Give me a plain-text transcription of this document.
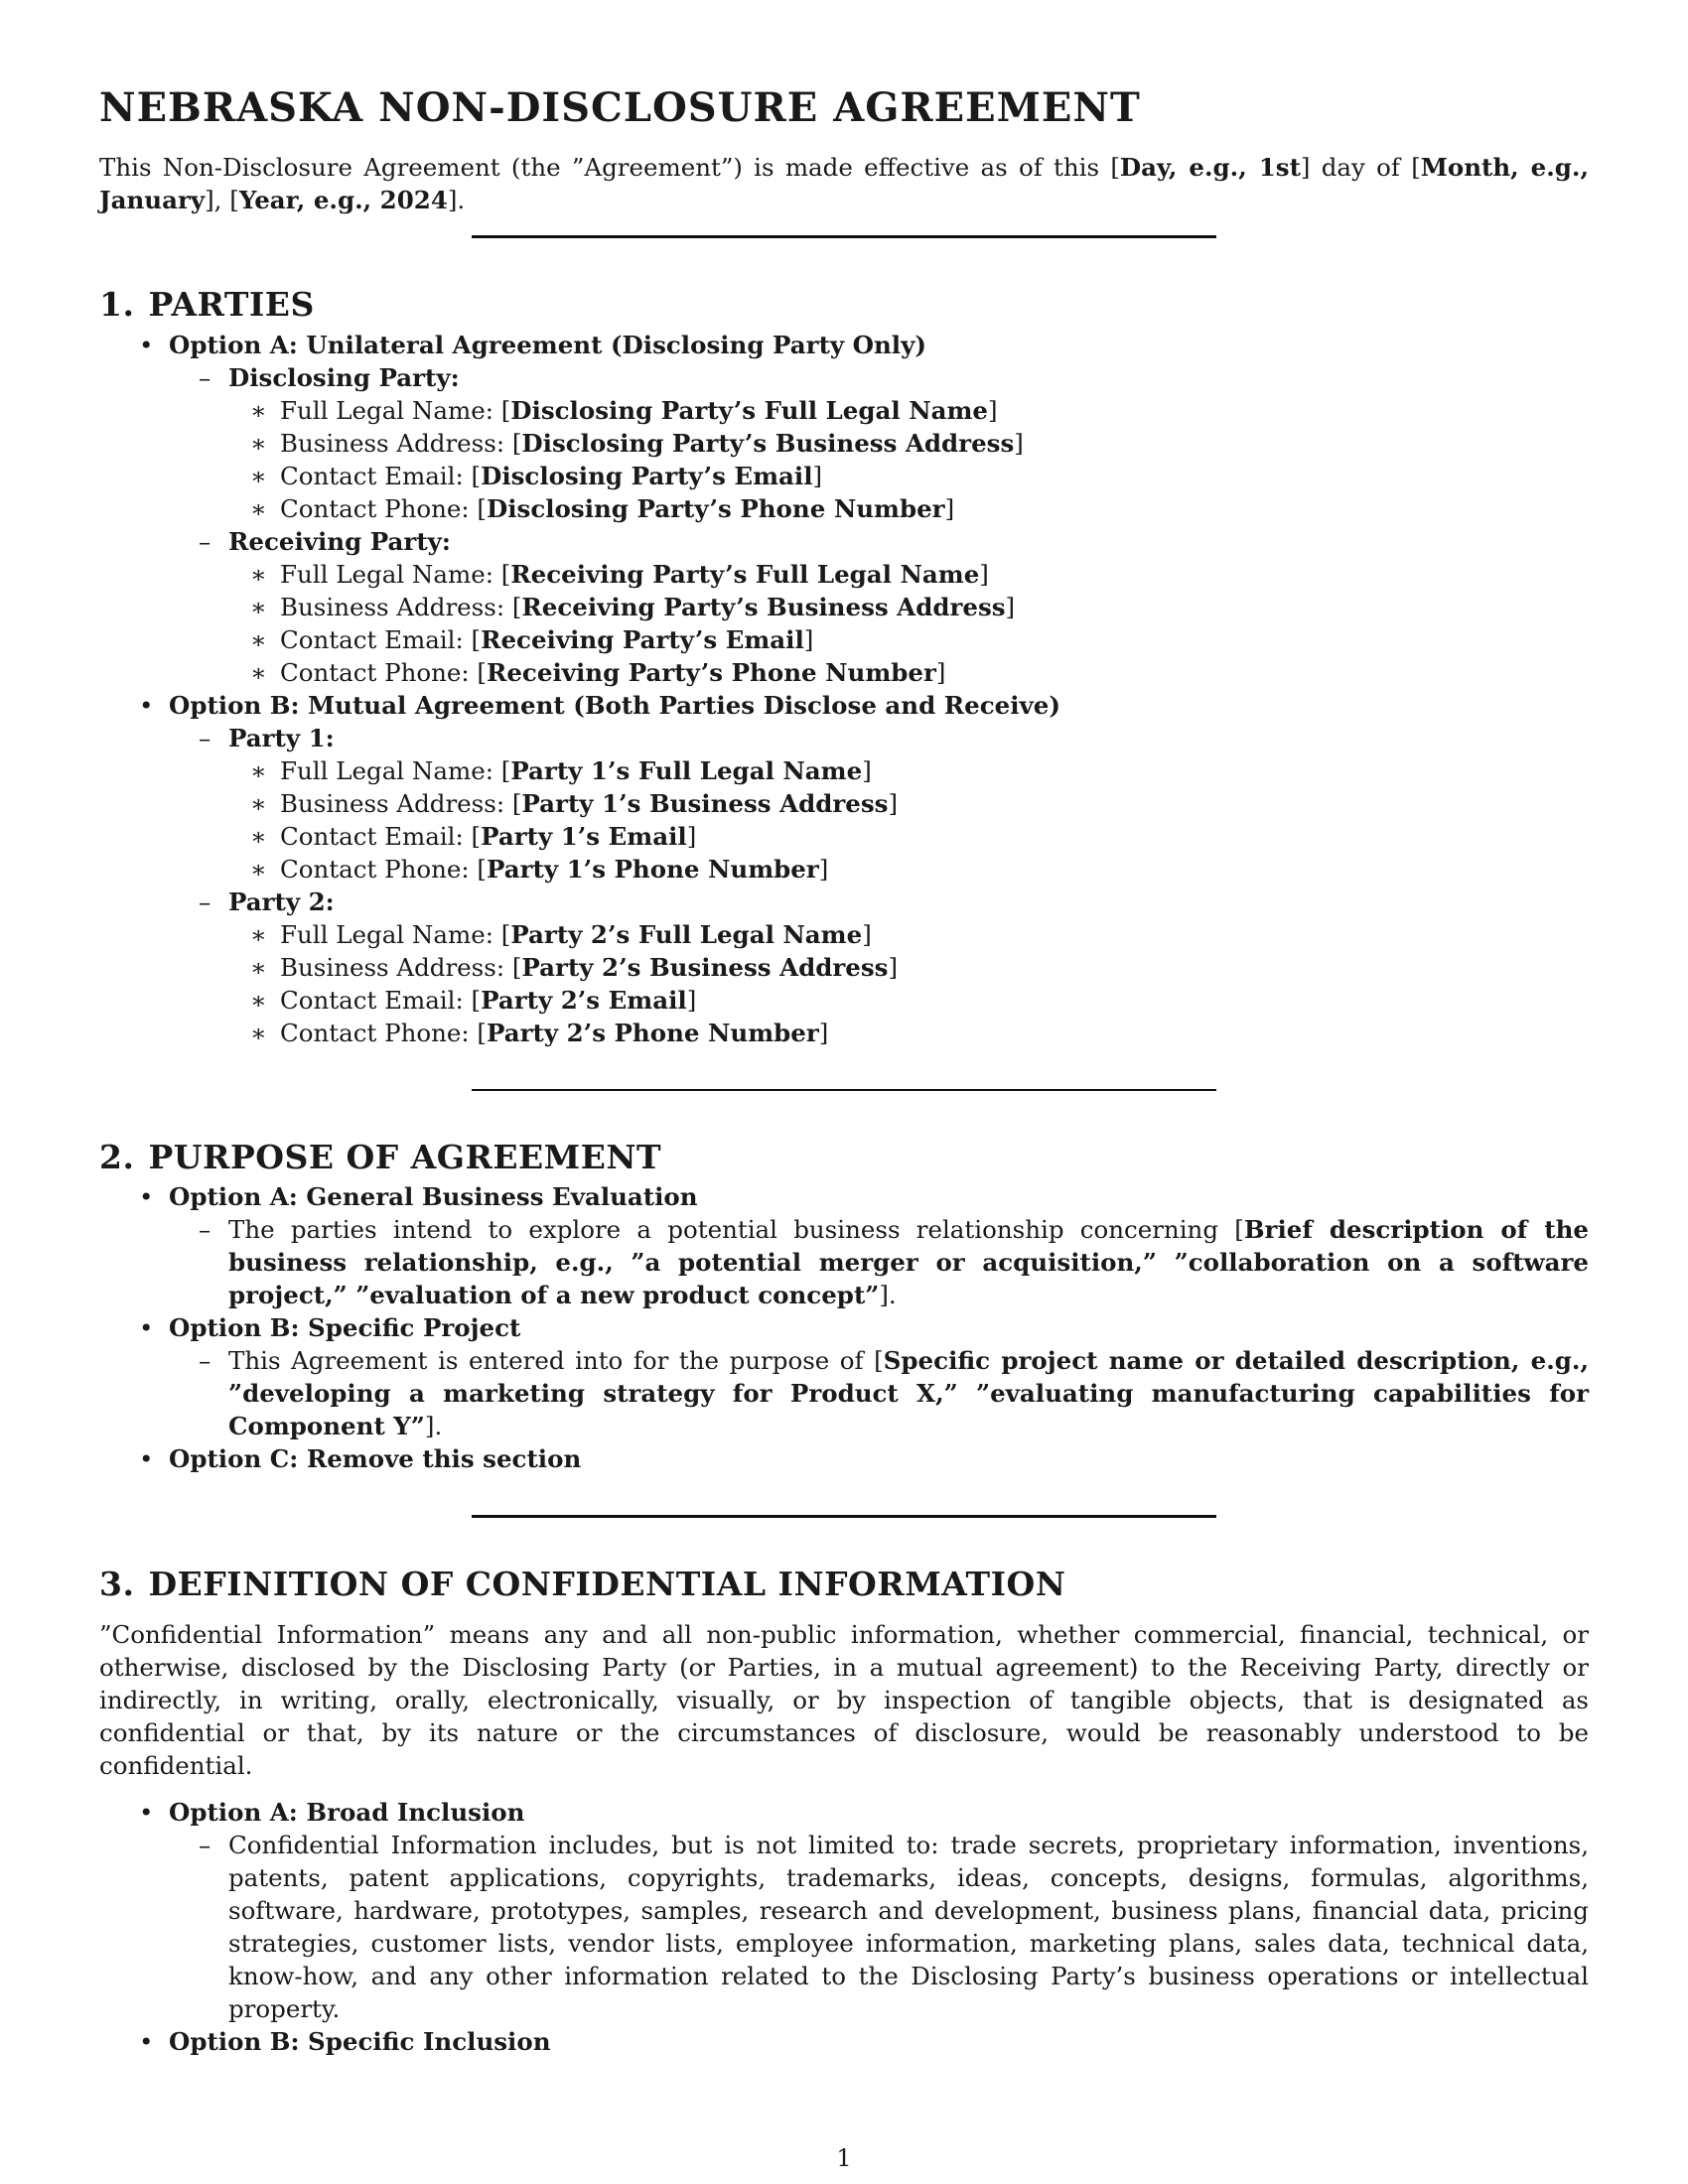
NEBRASKA NON-DISCLOSURE AGREEMENT

This Non-Disclosure Agreement (the ”Agreement”) is made effective as of this [Day, e.g., 1st] day of [Month, e.g., January], [Year, e.g., 2024].

1. PARTIES
• Option A: Unilateral Agreement (Disclosing Party Only)
– Disclosing Party:
∗ Full Legal Name: [Disclosing Party’s Full Legal Name]
∗ Business Address: [Disclosing Party’s Business Address]
∗ Contact Email: [Disclosing Party’s Email]
∗ Contact Phone: [Disclosing Party’s Phone Number]
– Receiving Party:
∗ Full Legal Name: [Receiving Party’s Full Legal Name]
∗ Business Address: [Receiving Party’s Business Address]
∗ Contact Email: [Receiving Party’s Email]
∗ Contact Phone: [Receiving Party’s Phone Number]
• Option B: Mutual Agreement (Both Parties Disclose and Receive)
– Party 1:
∗ Full Legal Name: [Party 1’s Full Legal Name]
∗ Business Address: [Party 1’s Business Address]
∗ Contact Email: [Party 1’s Email]
∗ Contact Phone: [Party 1’s Phone Number]
– Party 2:
∗ Full Legal Name: [Party 2’s Full Legal Name]
∗ Business Address: [Party 2’s Business Address]
∗ Contact Email: [Party 2’s Email]
∗ Contact Phone: [Party 2’s Phone Number]
2. PURPOSE OF AGREEMENT
• Option A: General Business Evaluation
– The parties intend to explore a potential business relationship concerning [Brief description of the business relationship, e.g., ”a potential merger or acquisition,” ”collaboration on a software project,” ”evaluation of a new product concept”].
• Option B: Specific Project
– This Agreement is entered into for the purpose of [Specific project name or detailed description, e.g., ”developing a marketing strategy for Product X,” ”evaluating manufacturing capabilities for Component Y”].
• Option C: Remove this section
3. DEFINITION OF CONFIDENTIAL INFORMATION

”Confidential Information” means any and all non-public information, whether commercial, financial, technical, or otherwise, disclosed by the Disclosing Party (or Parties, in a mutual agreement) to the Receiving Party, directly or indirectly, in writing, orally, electronically, visually, or by inspection of tangible objects, that is designated as confidential or that, by its nature or the circumstances of disclosure, would be reasonably understood to be confidential.

• Option A: Broad Inclusion
– Confidential Information includes, but is not limited to: trade secrets, proprietary information, inventions, patents, patent applications, copyrights, trademarks, ideas, concepts, designs, formulas, algorithms, software, hardware, prototypes, samples, research and development, business plans, financial data, pricing strategies, customer lists, vendor lists, employee information, marketing plans, sales data, technical data, know-how, and any other information related to the Disclosing Party’s business operations or intellectual property.
• Option B: Specific Inclusion
1
